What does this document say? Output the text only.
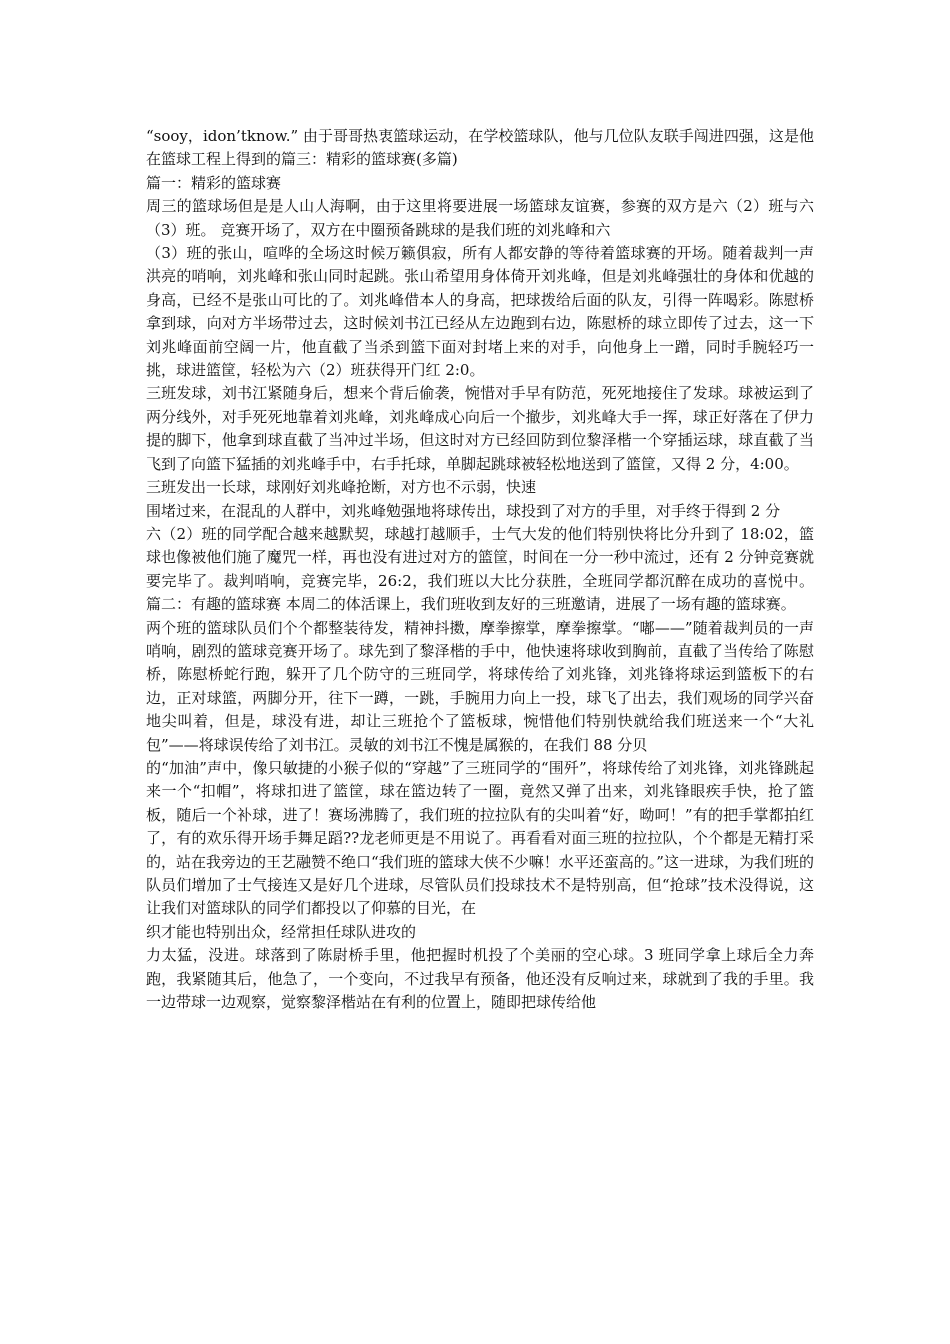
“sooy，idon’tknow.” 由于哥哥热衷篮球运动，在学校篮球队，他与几位队友联手闯进四强，这是他在篮球工程上得到的篇三：精彩的篮球赛(多篇)

篇一：精彩的篮球赛

周三的篮球场但是是人山人海啊，由于这里将要进展一场篮球友谊赛，参赛的双方是六（2）班与六（3）班。 竞赛开场了，双方在中圈预备跳球的是我们班的刘兆峰和六

（3）班的张山，喧哗的全场这时候万籁俱寂，所有人都安静的等待着篮球赛的开场。随着裁判一声洪亮的哨响，刘兆峰和张山同时起跳。张山希望用身体倚开刘兆峰，但是刘兆峰强壮的身体和优越的身高，已经不是张山可比的了。刘兆峰借本人的身高，把球拨给后面的队友，引得一阵喝彩。陈慰桥拿到球，向对方半场带过去，这时候刘书江已经从左边跑到右边，陈慰桥的球立即传了过去，这一下刘兆峰面前空阔一片，他直截了当杀到篮下面对封堵上来的对手，向他身上一蹭，同时手腕轻巧一挑，球进篮筐，轻松为六（2）班获得开门红 2:0。

三班发球，刘书江紧随身后，想来个背后偷袭，惋惜对手早有防范，死死地接住了发球。球被运到了两分线外，对手死死地靠着刘兆峰，刘兆峰成心向后一个撤步，刘兆峰大手一挥，球正好落在了伊力提的脚下，他拿到球直截了当冲过半场，但这时对方已经回防到位黎泽楷一个穿插运球，球直截了当飞到了向篮下猛插的刘兆峰手中，右手托球，单脚起跳球被轻松地送到了篮筐，又得 2 分，4:00。

三班发出一长球，球刚好刘兆峰抢断，对方也不示弱，快速

围堵过来，在混乱的人群中，刘兆峰勉强地将球传出，球投到了对方的手里，对手终于得到 2 分

六（2）班的同学配合越来越默契，球越打越顺手，士气大发的他们特别快将比分升到了 18:02，篮球也像被他们施了魔咒一样，再也没有进过对方的篮筐，时间在一分一秒中流过，还有 2 分钟竞赛就要完毕了。裁判哨响，竞赛完毕，26:2，我们班以大比分获胜，全班同学都沉醉在成功的喜悦中。 篇二：有趣的篮球赛 本周二的体活课上，我们班收到友好的三班邀请，进展了一场有趣的篮球赛。

两个班的篮球队员们个个都整装待发，精神抖擞，摩拳擦掌，摩拳擦掌。“嘟——”随着裁判员的一声哨响，剧烈的篮球竞赛开场了。球先到了黎泽楷的手中，他快速将球收到胸前，直截了当传给了陈慰桥，陈慰桥蛇行跑，躲开了几个防守的三班同学，将球传给了刘兆锋，刘兆锋将球运到篮板下的右边，正对球篮，两脚分开，往下一蹲，一跳，手腕用力向上一投，球飞了出去，我们观场的同学兴奋地尖叫着，但是，球没有进，却让三班抢个了篮板球，惋惜他们特别快就给我们班送来一个“大礼包”——将球误传给了刘书江。灵敏的刘书江不愧是属猴的，在我们 88 分贝

的“加油”声中，像只敏捷的小猴子似的“穿越”了三班同学的“围歼”，将球传给了刘兆锋，刘兆锋跳起来一个“扣帽”，将球扣进了篮筐，球在篮边转了一圈，竟然又弹了出来，刘兆锋眼疾手快，抢了篮板，随后一个补球，进了！赛场沸腾了，我们班的拉拉队有的尖叫着“好，呦呵！”有的把手掌都拍红了，有的欢乐得开场手舞足蹈??龙老师更是不用说了。再看看对面三班的拉拉队，个个都是无精打采的，站在我旁边的王艺融赞不绝口“我们班的篮球大侠不少嘛！水平还蛮高的。”这一进球，为我们班的队员们增加了士气接连又是好几个进球，尽管队员们投球技术不是特别高，但“抢球”技术没得说，这让我们对篮球队的同学们都投以了仰慕的目光，在

织才能也特别出众，经常担任球队进攻的

力太猛，没进。球落到了陈尉桥手里，他把握时机投了个美丽的空心球。3 班同学拿上球后全力奔跑，我紧随其后，他急了，一个变向，不过我早有预备，他还没有反响过来，球就到了我的手里。我一边带球一边观察，觉察黎泽楷站在有利的位置上，随即把球传给他
